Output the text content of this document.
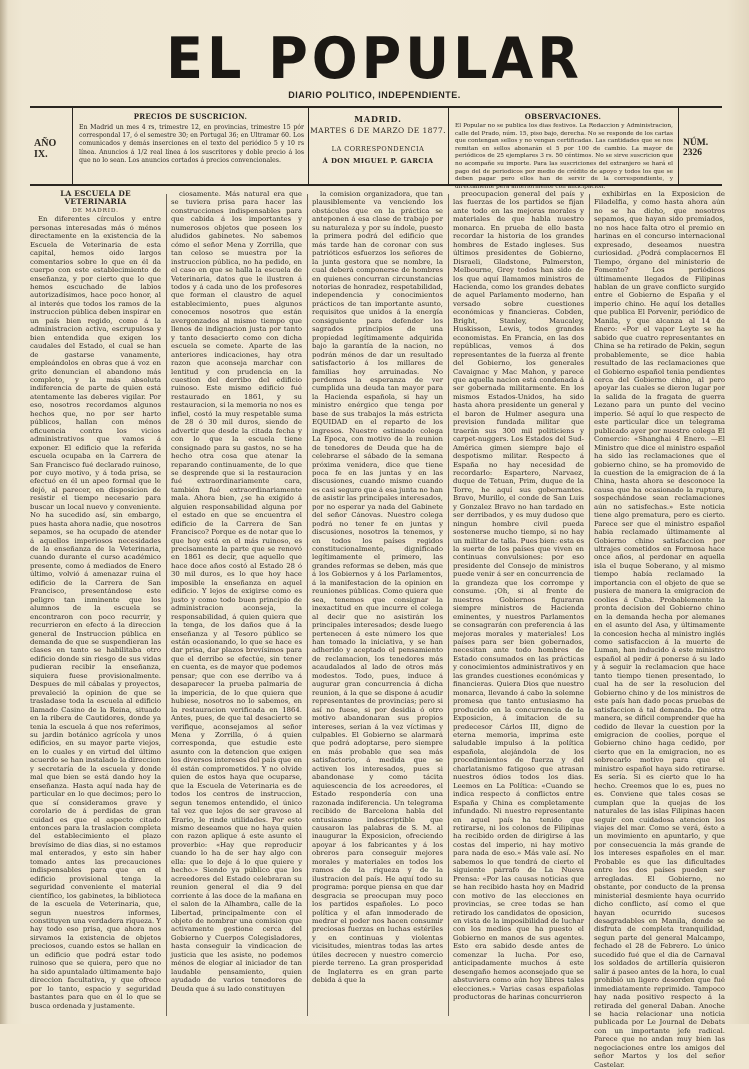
EL POPULAR
DIARIO POLITICO, INDEPENDIENTE.
AÑO IX.
PRECIOS DE SUSCRICION.
En Madrid un mes 4 rs, trimestre 12, en provincias, trimestre 15 pór correspondal 17, ó el semestre 30; en Portugal 36; en Ultramar 60. Los comunicados y demás inserciones en el texto del periódico 5 y 10 rs línea. Anuncios á 1/2 real línea á los suscritores y doble precio á los que no lo sean. Los anuncios cortados á precios convencionales.
MADRID.
MARTES 6 DE MARZO DE 1877.
LA CORRESPONDENCIA
Á DON MIGUEL P. GARCIA
OBSERVACIONES.
El Popular no se publica los dias festivos. La Redaccion y Administracion, calle del Prado, núm. 15, piso bajo, derecha. No se responde de los cartas que contengan sellos y no vengan certificadas. Las cantidades que se nos remitan en sellos abonarán el 5 por 100 de cambio. La mayor de periódicos de 25 ejemplares 3 rs. 50 céntimos. No se sirve suscricion que no acompañe su importe. Para las suscriciones del extranjero se hará el pago del de periodicos por medio de crédito de apoyo y todos los que se deben pagar pero ellos han de servir de la correspondiente, y directamente pera anteriormente con anticipacion.
NÚM. 2326

LA ESCUELA DE VETERINARIA

DE MADRID.

En diferentes círculos y entre personas interesadas más ó ménos directamente en la existencia de la Escuela de Veterinaria de esta capital, hemos oido largos comentarios sobre lo que en él da cuerpo con este establecimiento de enseñanza, y por cierto que lo que hemos escuchado de labios autorizadísimos, hace poco honor, al al interés que todos los ramos de la instruccion pública deben inspirar en un país bien regido, como á la administracion activa, escrupulosa y bien entendida que exigen los caudales del Estado, el cual se han de gastarse vanamente, empleándolos en obras que á voz en grito denuncian el abandono más completo, y la más absoluta indiferencia de parte de quien está atentamente las deberes vigilar. Por eso, nosotros recordamos algunos hechos que, no por ser harto públicos, hallan con ménos eficuencia contra los vicios administrativos que vamos á exponer. El edificio que la referida escuela ocupaba en la Carrera de San Francisco fué declarado ruinoso, por cuyo motivo, y á toda prisa, se efectuó en él un apeo formal que le dejó, al parecer, en disposicion de resistir el tiempo necesario para buscar un local nuevo y conveniente. No ha sucedido así, sin embargo, pues hasta ahora nadie, que nosotros sepamos, se ha ocupado de atender á aquellos imperiosos necesidades de la enseñanza de la Veterinaria, cuando durante el curso académico presente, como á mediados de Enero último, volvió á amenazar ruina el edificio de la Carrera de San Francisco, presentándose este peligro tan inminente que los alumnos de la escuela se encontraron con poco recurrir, y recurrieron en efecto á la direccion general de Instruccion pública en demanda de que se suspendieran las clases en tanto se habilitaba otro edificio donde sin riesgo de sus vidas pudieran recibir la enseñanza, siquiera fuese provisionalmente. Despues de mil cábalas y proyectos, prevaleció la opinion de que se trasladase toda la escuela al edificio llamado Casino de la Reina, situado en la ribera de Cautidores, donde ya tenia la escuela á que nos referimos, su jardin botánico agrícola y unos edificios, en su mayor parte viejos, en lo cuales y en virtud del último acuerdo se han instalado la direccion y secretaría de la escuela y donde mal que bien se está dando hoy la enseñanza. Hasta aquí nada hay de particular en lo que decimos; pero lo que sí consideramos grave y corolario de á perdidas de gran cuidad es que el aspecto citado entonces para la traslacion completa del establecimiento el plazo brevísimo de dias dias, si no estamos mal enterados, y esto sin haber tomado antes las precauciones indispensables para que en el edificio provisional tenga la seguridad conveniente el material científico, los gabinetes, la biblioteca de la escuela de Veterinaria, que, segun nuestros informes, constituyen una verdadera riqueza. Y hay todo eso prisa, que ahora nos sirvamos la existencia de objetos preciosos, cuando estos se hallan en un edificio que podrá estar todo ruinoso que se quiera, pero que no ha sido apuntalado últimamente bajo direccion facultativa, y que ofrece por lo tanto, espacio y seguridad bastantes para que en él lo que se busca ordenada y justamente.

ciosamente. Más natural era que se tuviera prisa para hacer las construcciones indispensables para que cabida á los importantes y numerosos objetos que poseen los aludidos gabinetes. No sabemos cómo el señor Mena y Zorrilla, que tan celoso se muestra por la instruccion pública, no ha pedido, en el caso en que se halla la escuela de Veterinaria, datos que le ilustren á todos y á cada uno de los profesores que forman el claustro de aquel establecimiento, pues algunos conocemos nosotros que están avergonzados al mismo tiempo que llenos de indignacion justa por tanto y tanto desacierto como con dicha escuela se comete. Aparte de las anteriores indicaciones, hay otra razon que aconseja marchar con lentitud y con prudencia en la cuestion del derribo del edificio ruinoso. Este mismo edificio fué restaurado en 1861, y su restauracion, si la memoria no nos es infiel, costó la muy respetable suma de 28 ó 30 mil duros, siendo de advertir que desde la citada fecha y con lo que la escuela tiene consignado para su gastos, no se ha hecho otra cosa que atenar la reparando continuamente, de lo que se desprende que si la restauracion fué extraordinariamente cara, también fué extraordinariamente mala. Ahora bien, ¿se ha exigido á alguien responsabilidad alguna por el estado en que se encuentra el edificio de la Carrera de San Francisco? Porque es de notar que lo que hoy está en el más ruinoso, es precisamente la parte que se renovó en 1861 es decir, que aquello que hace doce años costó al Estado 28 ó 30 mil duros, es lo que hoy hace imposible la enseñanza en aquel edificio. Y lejos de exigirse como es justo y como todo buen principio de administracion aconseja, la responsabilidad, á quien quiera que la tenga, de los daños que á la enseñanza y al Tesoro público se están ocasionando, lo que se hace es dar prisa, dar plazos brevísimos para que el derribo se efectúe, sin tener en cuenta, es de mayor que podemos pensar; que con ese derribo va á desaparecer la prueba palmaria de la impericia, de lo que quiera que hubiese, nosotros no lo sabemos, en la restauracion verificada en 1864. Antes, pues, de que tal desacierto se verifique, aconsejamos al señor Mena y Zorrilla, ó á quien corresponda, que estudie este asunto con la detencion que exigen los diversos intereses del país que en él están comprometidos. Y no olvide quien de estos haya que ocuparse, que la Escuela de Veterinaria es de todos los centros de instruccion, segun tenemos entendido, el único tal vez que lejos de ser gravoso al Erario, le rinde utilidades. Por esto mismo deseamos que no haya quien con razon aplique á este asunto el proverbio: «Hay que reproducir cuando lo ha de ser hay algo con ella: que lo deje á lo que quiere y hecho.» Siendo ya público que los acreedores del Estado celebraran su reunion general el dia 9 del corriente á las doce de la mañana en el salon de la Alhambra, calle de la Libertad, principalmente con el objeto de nombrar una comision que activamente gestione cerca del Gobierno y Cuerpos Colegisladores, hasta conseguir la vindicacion de justicia que les asiste, no podemos ménos de elogiar al iniciador de tan laudable pensamiento, quien ayudado de varios tenedores de Deuda que á su lado constituyen

la comision organizadora, que tan plausiblemente va venciendo los obstáculos que en la práctica se anteponen á esa clase de trabajo por su naturaleza y por su índole, puesto la primera podrá del edificio que más tarde han de coronar con sus patrióticos esfuerzos los señores de la junta gestora que se nombre, la cual deberá componerse de hombres en quienes concurran circunstancias notorias de honradez, respetabilidad, independencia y conocimientos prácticos de tan importante asunto, requisitos que unidos á la energía consiguiente para defender los sagrados principios de una propiedad legítimamente adquirida bajo la garantía de la nacion, no podrán ménos de dar un resultado satisfactorio á los millares de familias hoy arruinadas. No perdemos la esperanza de ver cumplida una deuda tan mayor para la Hacienda española, si hay un ministro enérgico que tenga por base de sus trabajos la más estricta EQUIDAD en el reparto de los ingresos. Nuestro estimado colega La Epoca, con motivo de la reunion de tenedores de Deuda que ha de celebrarse el sábado de la semana próxima venidera, dice que tiene poca fe en las juntas y en las discusiones, cuando mismo cuando es casi seguro que á esa junta no han de asistir las principales interesados, por no esperar ya nada del Gabinete del señor Cánovas. Nuestro colega podrá no tener fe en juntas y discusiones, nosotros la tenemos, y en todos los países regidos constitucionalmente, dignificado legítimamente el primero, las grandes reformas se deben, más que á los Gobiernos y á los Parlamentos, á la manifestacion de la opinion en reuniones públicas. Como quiera que sea, tenemos que consignar la inexactitud en que incurre el colega al decir que no asistirán los principales interesados; desde luego pertenecen á este número los que han tomado la iniciativa, y se han adherido y aceptado el pensamiento de reclamacion, los tenedores más acaudalados al lado de otros más modestos. Todo, pues, induce á augurar gran concurrencia á dicha reunion, á la que se dispone á acudir representantes de provincias; pero si así no fuese, si por desidia ó otro motivo abandonaran sus propios intereses, serian á la vez víctimas y culpables. El Gobierno se alarmará que podrá adoptarse, pero siempre en más probable que sea más satisfactorio, á medida que se activen los interesados, pues si abandonase y como tácita aquiescencia de los acreedores, el Estado respondería con una razonada indiferencia. Un telegrama recibido de Barcelona habla del entusiasmo indescriptible que causaron las palabras de S. M. al inaugurar la Exposicion, ofreciendo apoyar á los fabricantes y á los obreros para conseguir mejores morales y materiales en todos los ramos de la riqueza y de la ilustracion del país. He aquí todo su programa: porque piensa en que dar desgracia se preocupan muy poco los partidos españoles. Lo poco política y el afan inmoderado de medrar el poder nos hacen consumir preciosas fuerzas en luchas estériles y en continuas y violentas vicisitudes, mientras todas las artes útiles decrecen y nuestro comercio pierde terreno. La gran prosperidad de Inglaterra es en gran parte debida á que la

preocupacion general del país y las fuerzas de los partidos se fijan ante todo en las mejoras morales y materiales de que habla nuestro monarca. En prueba de ello basta recordar la historia de los grandes hombres de Estado ingleses. Sus últimos presidentes de Gobierno, Disraeli, Gladstone, Palmerston, Melbourne, Grey todos han sido de los que aquí llamamos ministros de Hacienda, como los grandes debates de aquel Parlamento moderno, han versado sobre cuestiones económicas y financieras. Cobden, Bright, Stanley, Maucaley, Huskisson, Lewis, todos grandes economistas. En Francia, en las dos repúblicas, vemos á dos representantes de la fuerza al frente del Gobierno, los generales Cavaignac y Mac Mahon, y parece que aquella nacion está condenada á ser gobernada militarmente. En los mismos Estados-Unidos, ha sido hasta ahora presidente un general y el baron de Hulmer asegura una prevision fundada militar que traerán sus 300 mil politiciens y carpet-nuggers. Los Estados del Sud-América gimen siempre bajo el despotismo militar. Respecto á España no hay necesidad de recordarlo: Espartero, Narvaez, duque de Tetuan, Prim, duque de la Torre, he aquí sus gobernantes. Bravo, Murillo, el conde de San Luis y Gonzalez Bravo no han tardado en ser derribados, y es muy dudoso que ningun hombre civil pueda sostenerse mucho tiempo, si no hay un militar de talla. Pues bien: esta es la suerte de los países que viven en continuas convulsiones: por eso presidente del Consejo de ministros puede venir á ser en concurrencia de la grandeza que los corrompe y consume. ¡Oh, si al frente de nuestros Gobiernos figuraran siempre ministros de Hacienda eminentes, y nuestros Parlamentos se consagrarán con preferencia á las mejoras morales y materiales! Los países para ser bien gobernados, necesitan ante todo hombres de Estado consumados en las prácticas y conocimientos administrativos y en las grandes cuestiones económicas y financieras. Quiera Dios que nuestro monarca, llevando á cabo la solemne promesa que tanto entusiasmo ha producido en la concurrencia de la Exposicion, á imitacion de su predecesor Cárlos III, digno de eterna memoria, imprima este saludable impulso á la política española, alejándola de los procedimientos de fuerza y del charlatanismo fatigoso que atrasan nuestros ódios todos los dias. Leemos en La Política: «Cuando se indica respecto á conflictos entre España y China es completamente infundado. Ni nuestro representante en aquel país ha tenido que retirarse, ni los colonos de Filipinas ha recibido orden de dirigirse á las costas del imperio, ni hay motivo para nada de eso.» Más vale así. No sabemos lo que tendrá de cierto el siguiente párrafo de La Nueva Prensa: «Por las causas noticias que se han recibido hasta hoy en Madrid con motivo de las elecciones en provincias, se cree todas se han retirado los candidatos de oposicion, en vista de la imposibilidad de luchar con los medios que ha puesto el Gobierno en manos de sus agentes. Esto era sabido desde antes de comenzar la lucha. Por eso, anticipadamente muchos á este desengaño hemos aconsejado que se abstuviera como aún hoy libres tales elecciones.» Varias casas españolas productoras de harinas concurrieron

exhibirlas en la Exposicion de Filadelfia, y como hasta ahora aún no se ha dicho, que nosotros sepamos, que hayan sido premiados, no nos hace falta otro el premio en harinas en el concurso internacional expresado, deseamos nuestra curiosidad. ¿Podrá complacernos El Tiempo, órgano del ministerio de Fomento? Los periódicos últimamente llegados de Filipinas hablan de un grave conflicto surgido entre el Gobierno de España y el imperio chino. He aquí los detalles que publica El Porvenir, periódico de Manila, y que alcanza al 14 de Enero: «Por el vapor Leyte se ha sabido que cuatro representantes en China se ha retirado de Pekin, segun probablemente, se dice habia resultado de las reclamaciones que el Gobierno español tenia pendientes cerca del Gobierno chino, al pero apoyar las cuales se dieron lugar por la salida de la fragata de guerra Lezano para un punto del vecino imperio. Sé aquí lo que respecto de este particular dice un telegrama publicado ayer por nuestro colega El Comercio: «Shanghai 4 Enero. —El Ministro que dice el ministro español ha sido las reclamaciones que el gobierno chino, se ha promovido de la cuestion de la emigracion de á la China, hasta ahora se desconoce la causa que ha ocasionado la ruptura, sospechándose sean reclamaciones aún no satisfechas.» Este noticia tiene algo prematura, pero es cierto. Parece ser que el ministro español habia reclamado últimamente al Gobierno chino satisfaccion por ultrajes cometidos en Formosa hace once años, al perdonar en aquella isla el buque Soberano, y al mismo tiempo había reclamado la importancia con el objeto de que se pusiera de manera la emigracion de coolies á Cuba. Probablemente la pronta decision del Gobierno chino en la demanda hecha por alemanes en el asunto del Asa, y últimamente la concesion hecha al ministro inglés como satisfaccion á la muerte de Luman, han inducido á este ministro español al pedir á ponerse á su lado y á seguir la reclamacion que hace tanto tiempo tienen presentado, lo cual ha de ser la resolucion del Gobierno chino y de los ministros de este país han dado pocas pruebas de satisfaccion á tal demanda. De otra manera, se dificil comprender que ha cedido de llevar la cuestion por la emigracion de coolies, porque el Gobierno chino haga cedido, por cierto que en la emigracion, no es sobrecarlo motivo para que el ministro español haya sido retirarse. Es sería. Si es cierto que lo ha hecho. Creemos que lo es, pues no es. Conviene que tales cosas se cumplan que la quejas de los naturales de las islas Filipinas hacen seguir con cuidadosa atencion los viajes del mar. Como se verá, ésto a un movimiento en apuntarlo, y que por consecuencia la más grande de los intereses españoles en el mar. Probable es que las dificultades entre los dos países pueden ser arregladas. El Gobierno, no obstante, por conducto de la prensa ministerial desmiente haya ocurrido dicho conflicto, así como el que hayan ocurrido sucesos desagradables en Manila, donde se disfruta de completa tranquilidad, segun parte del general Malcampo, fechado el 28 de Febrero. Lo único sucedido fué que el dia de Carnaval los soldados de artillería quisieron salir á paseo antes de la hora, lo cual prohibió un ligero desorden que fué inmediatamente reprimido. Tampoco hay nada positivo respecto á la retirada del general Daban. Anoche se hacia relacionar una noticia publicada por Le Journal de Debats con un importante jefe radical. Parece que no andan muy bien las negociaciones entre los amigos del señor Martos y los del señor Castelar.
